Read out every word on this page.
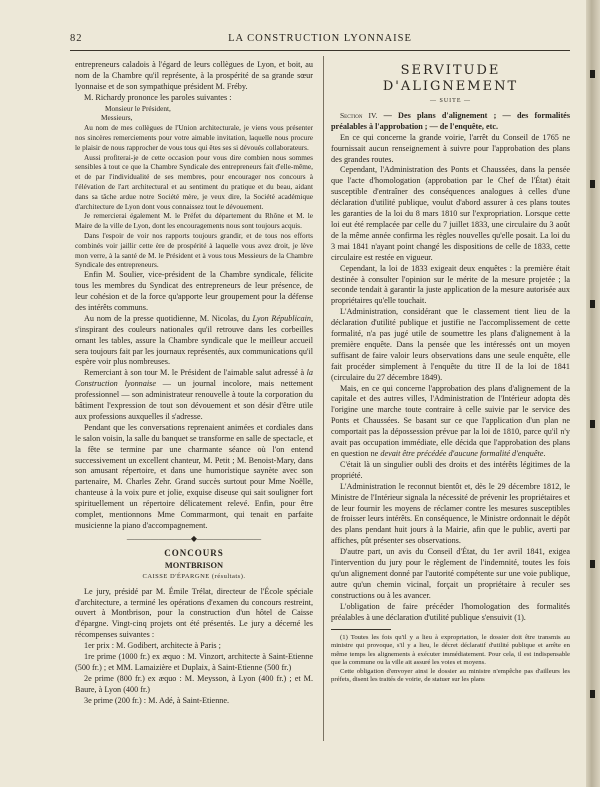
82	LA CONSTRUCTION LYONNAISE

entrepreneurs caladois à l'égard de leurs collègues de Lyon, et boit, au nom de la Chambre qu'il représente, à la prospérité de sa grande sœur lyonnaise et de son sympathique président M. Fréby.

M. Richardy prononce les paroles suivantes :

Monsieur le Président,

Messieurs,

Au nom de mes collègues de l'Union architecturale, je viens vous présenter nos sincères remerciements pour votre aimable invitation, laquelle nous procure le plaisir de nous rapprocher de vous tous qui êtes ses si dévoués collaborateurs.

Aussi profiterai-je de cette occasion pour vous dire combien nous sommes sensibles à tout ce que la Chambre Syndicale des entrepreneurs fait d'elle-même, et de par l'individualité de ses membres, pour encourager nos concours à l'élévation de l'art architectural et au sentiment du pratique et du beau, aidant dans sa tâche ardue notre Société mère, je veux dire, la Société académique d'architecture de Lyon dont vous connaissez tout le dévouement.

Je remercierai également M. le Préfet du département du Rhône et M. le Maire de la ville de Lyon, dont les encouragements nous sont toujours acquis.

Dans l'espoir de voir nos rapports toujours grandir, et de tous nos efforts combinés voir jaillir cette ère de prospérité à laquelle vous avez droit, je lève mon verre, à la santé de M. le Président et à vous tous Messieurs de la Chambre Syndicale des entrepreneurs.

Enfin M. Soulier, vice-président de la Chambre syndicale, félicite tous les membres du Syndicat des entrepreneurs de leur présence, de leur cohésion et de la force qu'apporte leur groupement pour la défense des intérêts communs.

Au nom de la presse quotidienne, M. Nicolas, du Lyon Républicain, s'inspirant des couleurs nationales qu'il retrouve dans les corbeilles ornant les tables, assure la Chambre syndicale que le meilleur accueil sera toujours fait par les journaux représentés, aux communications qu'il espère voir plus nombreuses.

Remerciant à son tour M. le Président de l'aimable salut adressé à la Construction lyonnaise — un journal incolore, mais nettement professionnel — son administrateur renouvelle à toute la corporation du bâtiment l'expression de tout son dévouement et son désir d'être utile aux professions auxquelles il s'adresse.

Pendant que les conversations reprenaient animées et cordiales dans le salon voisin, la salle du banquet se transforme en salle de spectacle, et la fête se termine par une charmante séance où l'on entend successivement un excellent chanteur, M. Petit ; M. Benoist-Mary, dans son amusant répertoire, et dans une humoristique saynète avec son partenaire, M. Charles Zehr. Grand succès surtout pour Mme Noëlle, chanteuse à la voix pure et jolie, exquise diseuse qui sait souligner fort spirituellement un répertoire délicatement relevé. Enfin, pour être complet, mentionnons Mme Commarmont, qui tenait en parfaite musicienne la piano d'accompagnement.

————————◆————————
CONCOURS
MONTBRISON
CAISSE D'ÉPARGNE (résultats).

Le jury, présidé par M. Émile Trélat, directeur de l'École spéciale d'architecture, a terminé les opérations d'examen du concours restreint, ouvert à Montbrison, pour la construction d'un hôtel de Caisse d'épargne. Vingt-cinq projets ont été présentés. Le jury a décerné les récompenses suivantes :

1er prix : M. Godibert, architecte à Paris ;

1re prime (1000 fr.) ex æquo : M. Vinzort, architecte à Saint-Etienne (500 fr.) ; et MM. Lamaizière et Duplaix, à Saint-Etienne (500 fr.)

2e prime (800 fr.) ex æquo : M. Meysson, à Lyon (400 fr.) ; et M. Baure, à Lyon (400 fr.)

3e prime (200 fr.) : M. Adé, à Saint-Etienne.

SERVITUDE D'ALIGNEMENT
— SUITE —

Section IV. — Des plans d'alignement ; — des formalités préalables à l'approbation ; — de l'enquête, etc.

En ce qui concerne la grande voirie, l'arrêt du Conseil de 1765 ne fournissait aucun renseignement à suivre pour l'approbation des plans des grandes routes.

Cependant, l'Administration des Ponts et Chaussées, dans la pensée que l'acte d'homologation (approbation par le Chef de l'État) était susceptible d'entraîner des conséquences analogues à celles d'une déclaration d'utilité publique, voulut d'abord assurer à ces plans toutes les garanties de la loi du 8 mars 1810 sur l'expropriation. Lorsque cette loi eut été remplacée par celle du 7 juillet 1833, une circulaire du 3 août de la même année confirma les règles nouvelles qu'elle posait. La loi du 3 mai 1841 n'ayant point changé les dispositions de celle de 1833, cette circulaire est restée en vigueur.

Cependant, la loi de 1833 exigeait deux enquêtes : la première était destinée à consulter l'opinion sur le mérite de la mesure projetée ; la seconde tendait à garantir la juste application de la mesure autorisée aux propriétaires qu'elle touchait.

L'Administration, considérant que le classement tient lieu de la déclaration d'utilité publique et justifie ne l'accomplissement de cette formalité, n'a pas jugé utile de soumettre les plans d'alignement à la première enquête. Dans la pensée que les intéressés ont un moyen suffisant de faire valoir leurs observations dans une seule enquête, elle fait procéder simplement à l'enquête du titre II de la loi de 1841 (circulaire du 27 décembre 1849).

Mais, en ce qui concerne l'approbation des plans d'alignement de la capitale et des autres villes, l'Administration de l'Intérieur adopta dès l'origine une marche toute contraire à celle suivie par le service des Ponts et Chaussées. Se basant sur ce que l'application d'un plan ne comportait pas la dépossession prévue par la loi de 1810, parce qu'il n'y avait pas occupation immédiate, elle décida que l'approbation des plans en question ne devait être précédée d'aucune formalité d'enquête.

C'était là un singulier oubli des droits et des intérêts légitimes de la propriété.

L'Administration le reconnut bientôt et, dès le 29 décembre 1812, le Ministre de l'Intérieur signala la nécessité de prévenir les propriétaires et de leur fournir les moyens de réclamer contre les mesures susceptibles de froisser leurs intérêts. En conséquence, le Ministre ordonnait le dépôt des plans pendant huit jours à la Mairie, afin que le public, averti par affiches, pût présenter ses observations.

D'autre part, un avis du Conseil d'État, du 1er avril 1841, exigea l'intervention du jury pour le règlement de l'indemnité, toutes les fois qu'un alignement donné par l'autorité compétente sur une voie publique, autre qu'un chemin vicinal, forçait un propriétaire à reculer ses constructions ou à les avancer.

L'obligation de faire précéder l'homologation des formalités préalables à une déclaration d'utilité publique s'ensuivit (1).

(1) Toutes les fois qu'il y a lieu à expropriation, le dossier doit être transmis au ministre qui provoque, s'il y a lieu, le décret déclaratif d'utilité publique et arrête en même temps les alignements à exécuter immédiatement. Pour cela, il est indispensable que la commune ou la ville ait assuré les voies et moyens.

Cette obligation d'envoyer ainsi le dossier au ministre n'empêche pas d'ailleurs les préfets, disent les traités de voirie, de statuer sur les plans
